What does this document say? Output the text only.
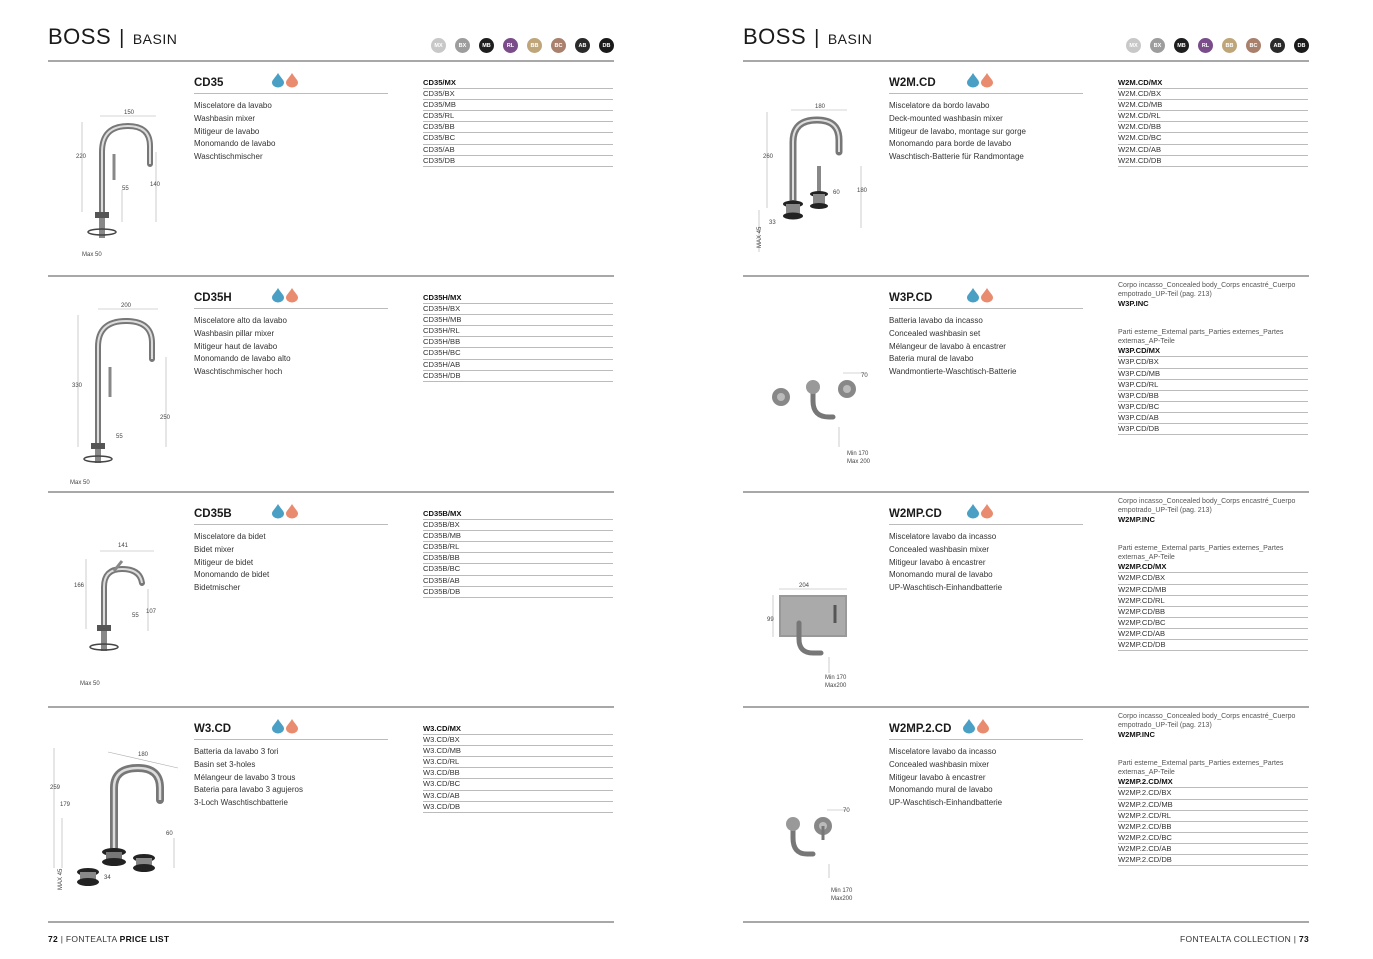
BOSS | BASIN	MX	BX	MB	RL	BB	BC	AB	DB
150
220
55
140
Max 50
CD35
Miscelatore da lavabo
Washbasin mixer
Mitigeur de lavabo
Monomando de lavabo
Waschtischmischer
CD35/MX
CD35/BX
CD35/MB
CD35/RL
CD35/BB
CD35/BC
CD35/AB
CD35/DB
200
330
55
250
Max 50
CD35H
Miscelatore alto da lavabo
Washbasin pillar mixer
Mitigeur haut de lavabo
Monomando de lavabo alto
Waschtischmischer hoch
CD35H/MX
CD35H/BX
CD35H/MB
CD35H/RL
CD35H/BB
CD35H/BC
CD35H/AB
CD35H/DB
141
166
55
107
Max 50
CD35B
Miscelatore da bidet
Bidet mixer
Mitigeur de bidet
Monomando de bidet
Bidetmischer
CD35B/MX
CD35B/BX
CD35B/MB
CD35B/RL
CD35B/BB
CD35B/BC
CD35B/AB
CD35B/DB
180
259
179
60
34
MAX 45
W3.CD
Batteria da lavabo 3 fori
Basin set 3-holes
Mélangeur de lavabo 3 trous
Bateria para lavabo 3 agujeros
3-Loch Waschtischbatterie
W3.CD/MX
W3.CD/BX
W3.CD/MB
W3.CD/RL
W3.CD/BB
W3.CD/BC
W3.CD/AB
W3.CD/DB
72 | FONTEALTA PRICE LIST
BOSS | BASIN	MX	BX	MB	RL	BB	BC	AB	DB
180
260
60	180
33
MAX 45
W2M.CD
Miscelatore da bordo lavabo
Deck-mounted washbasin mixer
Mitigeur de lavabo, montage sur gorge
Monomando para borde de lavabo
Waschtisch-Batterie für Randmontage
W2M.CD/MX
W2M.CD/BX
W2M.CD/MB
W2M.CD/RL
W2M.CD/BB
W2M.CD/BC
W2M.CD/AB
W2M.CD/DB
70
Min 170
Max 200
W3P.CD
Batteria lavabo da incasso
Concealed washbasin set
Mélangeur de lavabo à encastrer
Bateria mural de lavabo
Wandmontierte-Waschtisch-Batterie
Corpo incasso_Concealed body_Corps encastré_Cuerpo empotrado_UP-Teil (pag. 213)
W3P.INC
Parti esterne_External parts_Parties externes_Partes externas_AP-Teile
W3P.CD/MX
W3P.CD/BX
W3P.CD/MB
W3P.CD/RL
W3P.CD/BB
W3P.CD/BC
W3P.CD/AB
W3P.CD/DB
204
99
Min 170
Max200
W2MP.CD
Miscelatore lavabo da incasso
Concealed washbasin mixer
Mitigeur lavabo à encastrer
Monomando mural de lavabo
UP-Waschtisch-Einhandbatterie
Corpo incasso_Concealed body_Corps encastré_Cuerpo empotrado_UP-Teil (pag. 213)
W2MP.INC
Parti esterne_External parts_Parties externes_Partes externas_AP-Teile
W2MP.CD/MX
W2MP.CD/BX
W2MP.CD/MB
W2MP.CD/RL
W2MP.CD/BB
W2MP.CD/BC
W2MP.CD/AB
W2MP.CD/DB
70
Min 170
Max200
W2MP.2.CD
Miscelatore lavabo da incasso
Concealed washbasin mixer
Mitigeur lavabo à encastrer
Monomando mural de lavabo
UP-Waschtisch-Einhandbatterie
Corpo incasso_Concealed body_Corps encastré_Cuerpo empotrado_UP-Teil (pag. 213)
W2MP.INC
Parti esterne_External parts_Parties externes_Partes externas_AP-Teile
W2MP.2.CD/MX
W2MP.2.CD/BX
W2MP.2.CD/MB
W2MP.2.CD/RL
W2MP.2.CD/BB
W2MP.2.CD/BC
W2MP.2.CD/AB
W2MP.2.CD/DB
FONTEALTA COLLECTION | 73
